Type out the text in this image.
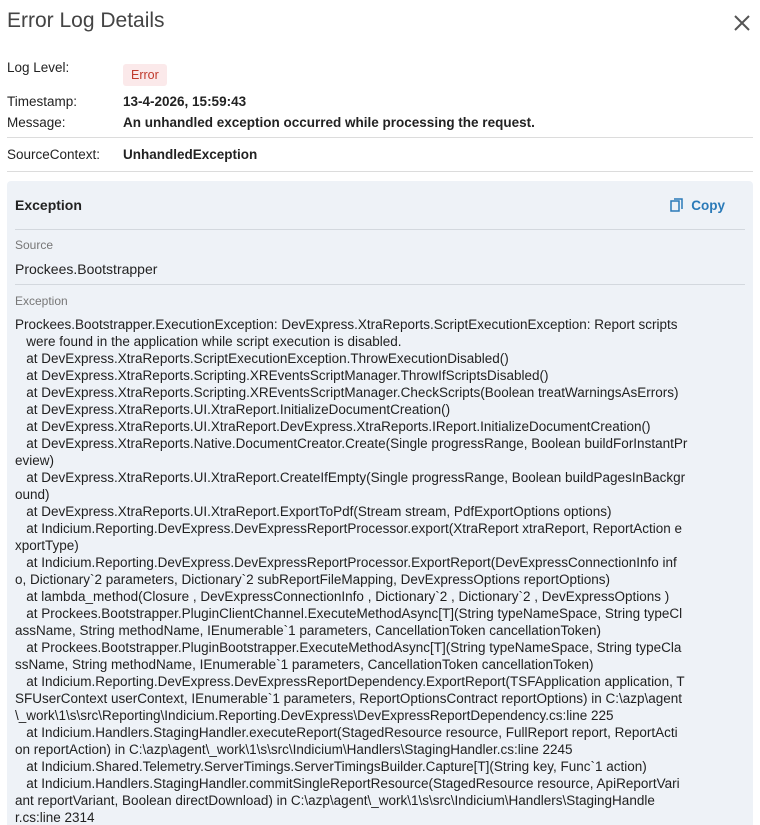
Error Log Details
Log Level:	Error
Timestamp:	13-4-2026, 15:59:43
Message:	An unhandled exception occurred while processing the request.
SourceContext:	UnhandledException
Exception	Copy
Source
Prockees.Bootstrapper
Exception
Prockees.Bootstrapper.ExecutionException: DevExpress.XtraReports.ScriptExecutionException: Report scripts
were found in the application while script execution is disabled.
at DevExpress.XtraReports.ScriptExecutionException.ThrowExecutionDisabled()
at DevExpress.XtraReports.Scripting.XREventsScriptManager.ThrowIfScriptsDisabled()
at DevExpress.XtraReports.Scripting.XREventsScriptManager.CheckScripts(Boolean treatWarningsAsErrors)
at DevExpress.XtraReports.UI.XtraReport.InitializeDocumentCreation()
at DevExpress.XtraReports.UI.XtraReport.DevExpress.XtraReports.IReport.InitializeDocumentCreation()
at DevExpress.XtraReports.Native.DocumentCreator.Create(Single progressRange, Boolean buildForInstantPr
eview)
at DevExpress.XtraReports.UI.XtraReport.CreateIfEmpty(Single progressRange, Boolean buildPagesInBackgr
ound)
at DevExpress.XtraReports.UI.XtraReport.ExportToPdf(Stream stream, PdfExportOptions options)
at Indicium.Reporting.DevExpress.DevExpressReportProcessor.export(XtraReport xtraReport, ReportAction e
xportType)
at Indicium.Reporting.DevExpress.DevExpressReportProcessor.ExportReport(DevExpressConnectionInfo inf
o, Dictionary`2 parameters, Dictionary`2 subReportFileMapping, DevExpressOptions reportOptions)
at lambda_method(Closure , DevExpressConnectionInfo , Dictionary`2 , Dictionary`2 , DevExpressOptions )
at Prockees.Bootstrapper.PluginClientChannel.ExecuteMethodAsync[T](String typeNameSpace, String typeCl
assName, String methodName, IEnumerable`1 parameters, CancellationToken cancellationToken)
at Prockees.Bootstrapper.PluginBootstrapper.ExecuteMethodAsync[T](String typeNameSpace, String typeCla
ssName, String methodName, IEnumerable`1 parameters, CancellationToken cancellationToken)
at Indicium.Reporting.DevExpress.DevExpressReportDependency.ExportReport(TSFApplication application, T
SFUserContext userContext, IEnumerable`1 parameters, ReportOptionsContract reportOptions) in C:\azp\agent
\_work\1\s\src\Reporting\Indicium.Reporting.DevExpress\DevExpressReportDependency.cs:line 225
at Indicium.Handlers.StagingHandler.executeReport(StagedResource resource, FullReport report, ReportActi
on reportAction) in C:\azp\agent\_work\1\s\src\Indicium\Handlers\StagingHandler.cs:line 2245
at Indicium.Shared.Telemetry.ServerTimings.ServerTimingsBuilder.Capture[T](String key, Func`1 action)
at Indicium.Handlers.StagingHandler.commitSingleReportResource(StagedResource resource, ApiReportVari
ant reportVariant, Boolean directDownload) in C:\azp\agent\_work\1\s\src\Indicium\Handlers\StagingHandle
r.cs:line 2314
